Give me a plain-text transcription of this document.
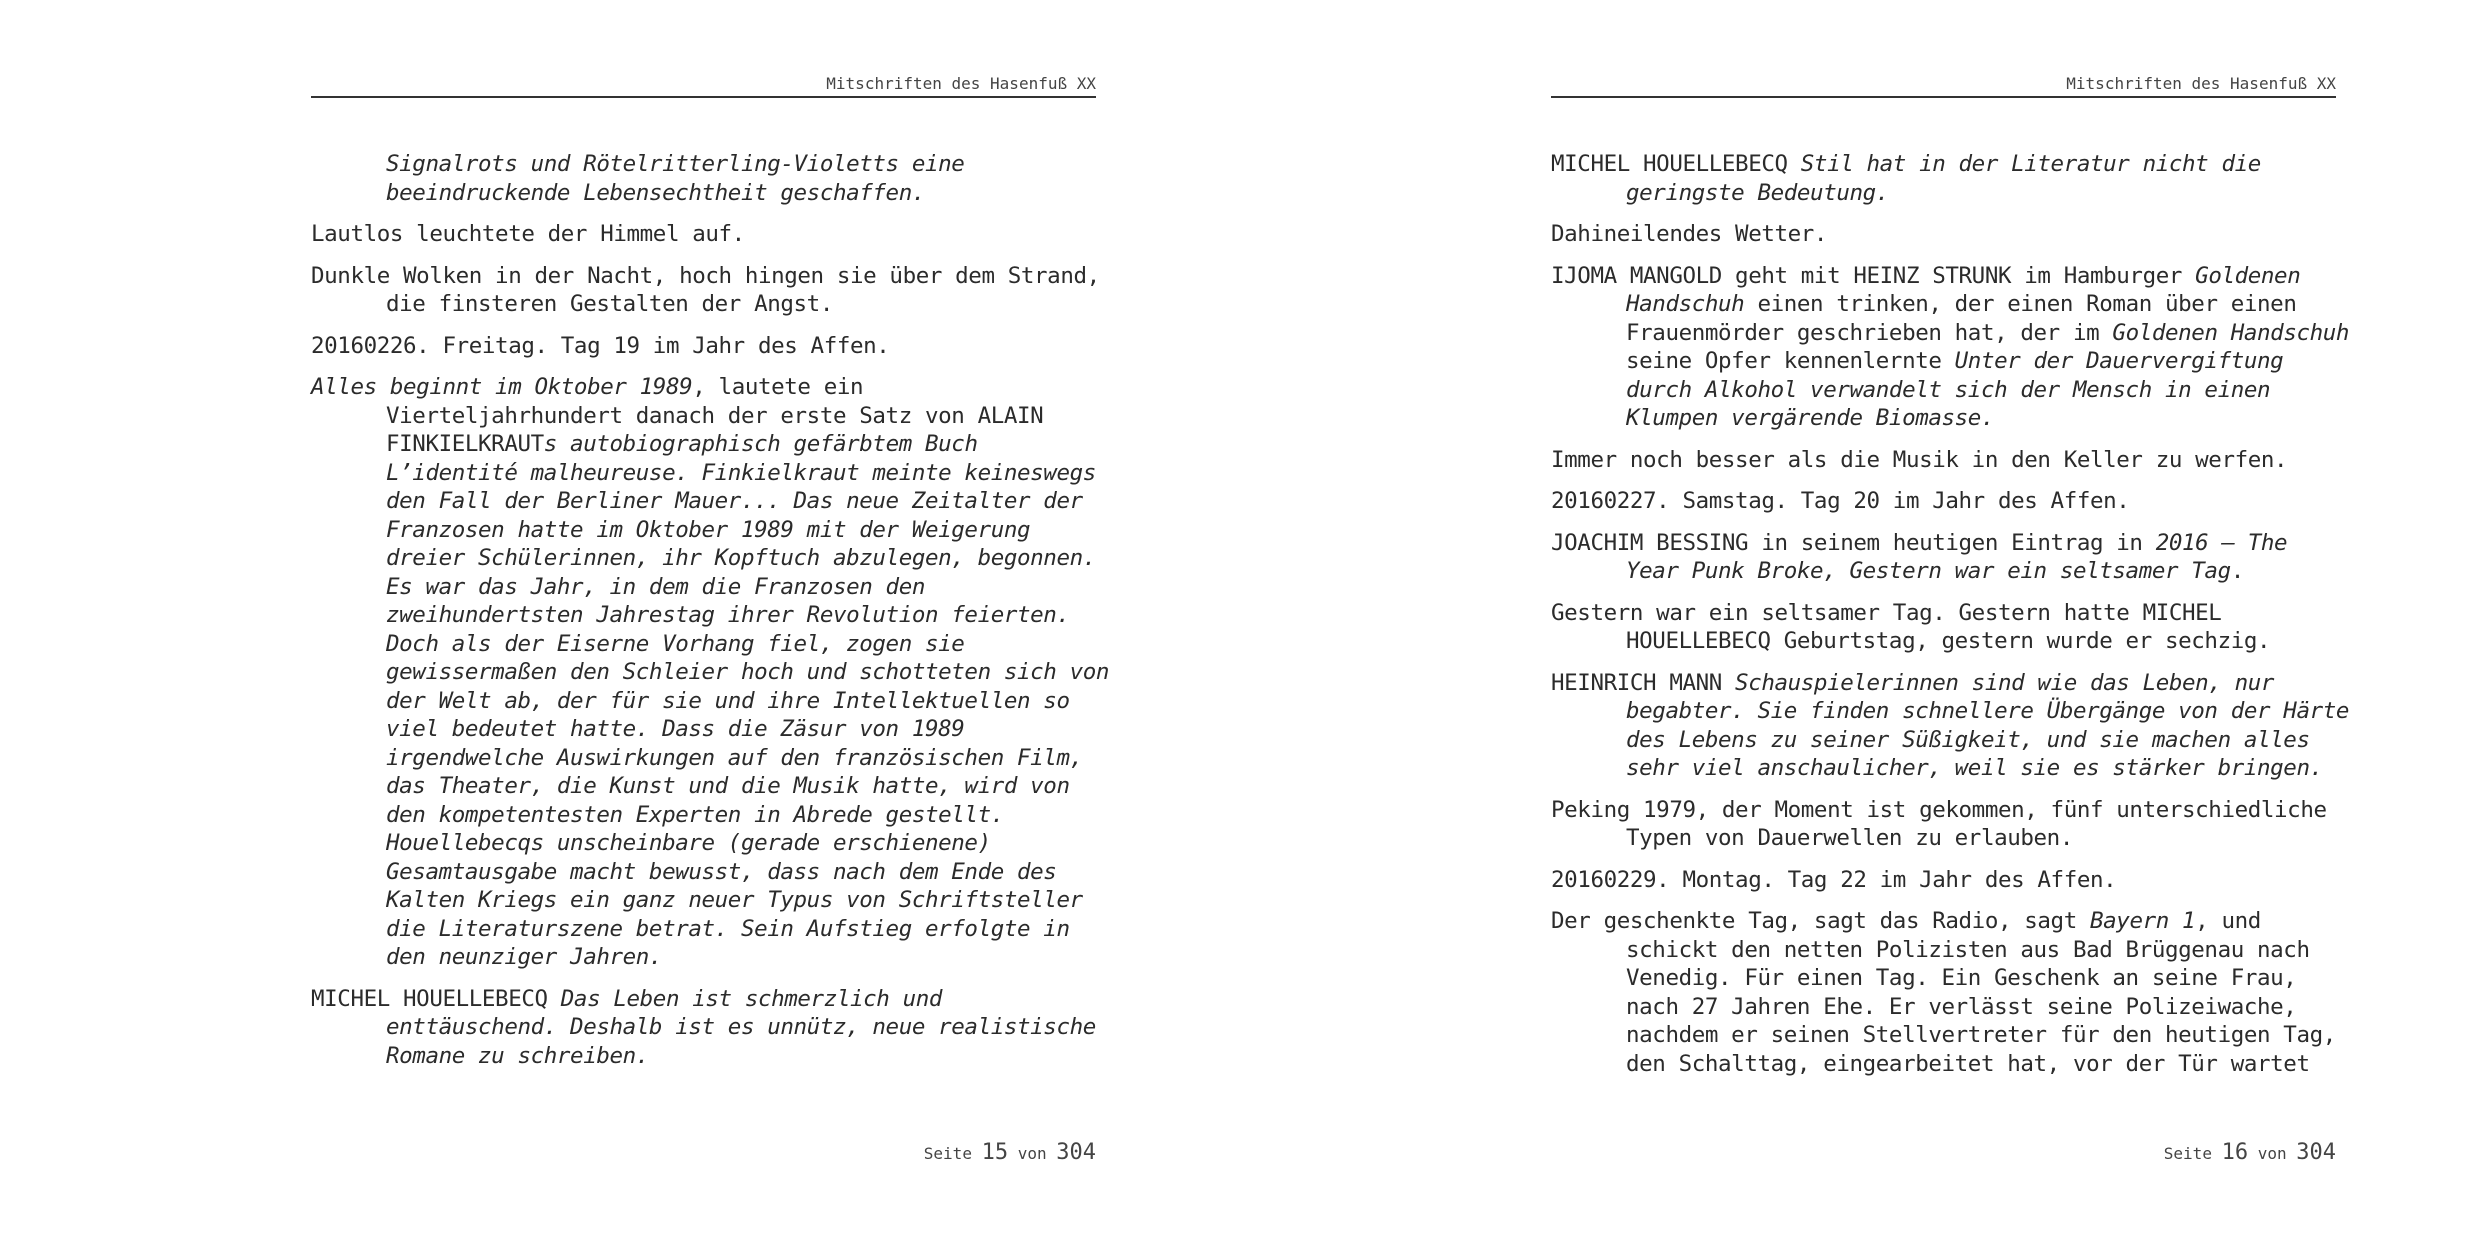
Mitschriften des Hasenfuß XX

Signalrots und Rötelritterling-Violetts eine beeindruckende Lebensechtheit geschaffen.

Lautlos leuchtete der Himmel auf.

Dunkle Wolken in der Nacht, hoch hingen sie über dem Strand, die finsteren Gestalten der Angst.

20160226. Freitag. Tag 19 im Jahr des Affen.

Alles beginnt im Oktober 1989, lautete ein Vierteljahrhundert danach der erste Satz von ALAIN FINKIELKRAUTs autobiographisch gefärbtem Buch L’identité malheureuse. Finkielkraut meinte keineswegs den Fall der Berliner Mauer... Das neue Zeitalter der Franzosen hatte im Oktober 1989 mit der Weigerung dreier Schülerinnen, ihr Kopftuch abzulegen, begonnen. Es war das Jahr, in dem die Franzosen den zweihundertsten Jahrestag ihrer Revolution feierten. Doch als der Eiserne Vorhang fiel, zogen sie gewissermaßen den Schleier hoch und schotteten sich von der Welt ab, der für sie und ihre Intellektuellen so viel bedeutet hatte. Dass die Zäsur von 1989 irgendwelche Auswirkungen auf den französischen Film, das Theater, die Kunst und die Musik hatte, wird von den kompetentesten Experten in Abrede gestellt. Houellebecqs unscheinbare (gerade erschienene) Gesamtausgabe macht bewusst, dass nach dem Ende des Kalten Kriegs ein ganz neuer Typus von Schriftsteller die Literaturszene betrat. Sein Aufstieg erfolgte in den neunziger Jahren.

MICHEL HOUELLEBECQ Das Leben ist schmerzlich und enttäuschend. Deshalb ist es unnütz, neue realistische Romane zu schreiben.

Seite 15 von 304
Mitschriften des Hasenfuß XX

MICHEL HOUELLEBECQ Stil hat in der Literatur nicht die geringste Bedeutung.

Dahineilendes Wetter.

IJOMA MANGOLD geht mit HEINZ STRUNK im Hamburger Goldenen Handschuh einen trinken, der einen Roman über einen Frauenmörder geschrieben hat, der im Goldenen Handschuh seine Opfer kennenlernte Unter der Dauervergiftung durch Alkohol verwandelt sich der Mensch in einen Klumpen vergärende Biomasse.

Immer noch besser als die Musik in den Keller zu werfen.

20160227. Samstag. Tag 20 im Jahr des Affen.

JOACHIM BESSING in seinem heutigen Eintrag in 2016 – The Year Punk Broke, Gestern war ein seltsamer Tag.

Gestern war ein seltsamer Tag. Gestern hatte MICHEL HOUELLEBECQ Geburtstag, gestern wurde er sechzig.

HEINRICH MANN Schauspielerinnen sind wie das Leben, nur begabter. Sie finden schnellere Übergänge von der Härte des Lebens zu seiner Süßigkeit, und sie machen alles sehr viel anschaulicher, weil sie es stärker bringen.

Peking 1979, der Moment ist gekommen, fünf unterschiedliche Typen von Dauerwellen zu erlauben.

20160229. Montag. Tag 22 im Jahr des Affen.

Der geschenkte Tag, sagt das Radio, sagt Bayern 1, und schickt den netten Polizisten aus Bad Brüggenau nach Venedig. Für einen Tag. Ein Geschenk an seine Frau, nach 27 Jahren Ehe. Er verlässt seine Polizeiwache, nachdem er seinen Stellvertreter für den heutigen Tag, den Schalttag, eingearbeitet hat, vor der Tür wartet

Seite 16 von 304
